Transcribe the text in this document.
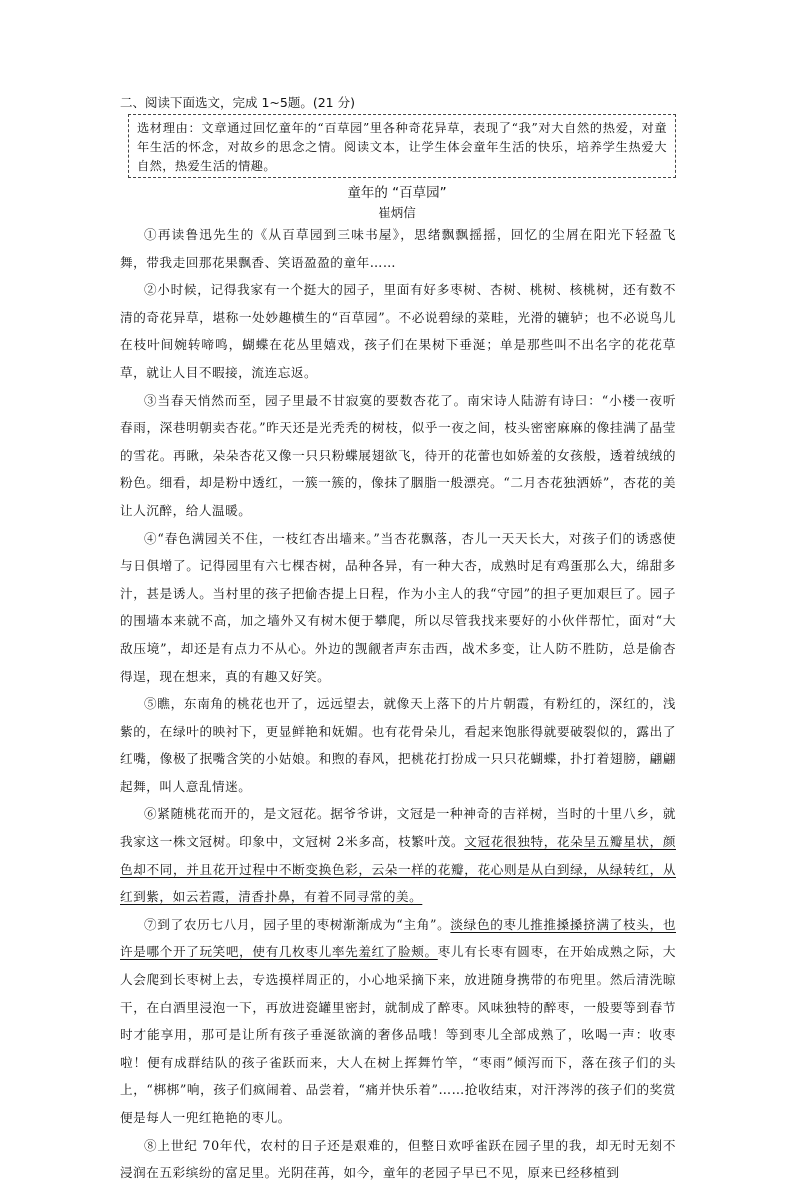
二、阅读下面选文，完成 1~5题。(21 分)
选材理由：文章通过回忆童年的“百草园”里各种奇花异草，表现了“我”对大自然的热爱，对童年生活的怀念，对故乡的思念之情。阅读文本，让学生体会童年生活的快乐，培养学生热爱大自然，热爱生活的情趣。
童年的 “百草园”
崔炳信

①再读鲁迅先生的《从百草园到三味书屋》，思绪飘飘摇摇，回忆的尘屑在阳光下轻盈飞舞，带我走回那花果飘香、笑语盈盈的童年……

②小时候，记得我家有一个挺大的园子，里面有好多枣树、杏树、桃树、核桃树，还有数不清的奇花异草，堪称一处妙趣横生的“百草园”。不必说碧绿的菜畦，光滑的辘轳；也不必说鸟儿在枝叶间婉转啼鸣，蝴蝶在花丛里嬉戏，孩子们在果树下垂涎；单是那些叫不出名字的花花草草，就让人目不暇接，流连忘返。

③当春天悄然而至，园子里最不甘寂寞的要数杏花了。南宋诗人陆游有诗曰：“小楼一夜听春雨，深巷明朝卖杏花。”昨天还是光秃秃的树枝，似乎一夜之间，枝头密密麻麻的像挂满了晶莹的雪花。再瞅，朵朵杏花又像一只只粉蝶展翅欲飞，待开的花蕾也如娇羞的女孩般，透着绒绒的粉色。细看，却是粉中透红，一簇一簇的，像抹了胭脂一般漂亮。“二月杏花独洒娇”，杏花的美让人沉醉，给人温暖。

④“春色满园关不住，一枝红杏出墙来。”当杏花飘落，杏儿一天天长大，对孩子们的诱惑使与日俱增了。记得园里有六七棵杏树，品种各异，有一种大杏，成熟时足有鸡蛋那么大，绵甜多汁，甚是诱人。当村里的孩子把偷杏提上日程，作为小主人的我“守园”的担子更加艰巨了。园子的围墙本来就不高，加之墙外又有树木便于攀爬，所以尽管我找来要好的小伙伴帮忙，面对“大敌压境”，却还是有点力不从心。外边的觊觎者声东击西，战术多变，让人防不胜防，总是偷杏得逞，现在想来，真的有趣又好笑。

⑤瞧，东南角的桃花也开了，远远望去，就像天上落下的片片朝霞，有粉红的，深红的，浅紫的，在绿叶的映衬下，更显鲜艳和妩媚。也有花骨朵儿，看起来饱胀得就要破裂似的，露出了红嘴，像极了抿嘴含笑的小姑娘。和煦的春风，把桃花打扮成一只只花蝴蝶，扑打着翅膀，翩翩起舞，叫人意乱情迷。

⑥紧随桃花而开的，是文冠花。据爷爷讲，文冠是一种神奇的吉祥树，当时的十里八乡，就我家这一株文冠树。印象中，文冠树 2米多高，枝繁叶茂。文冠花很独特，花朵呈五瓣星状，颜色却不同，并且花开过程中不断变换色彩，云朵一样的花瓣，花心则是从白到绿，从绿转红，从红到紫，如云若霞，清香扑鼻，有着不同寻常的美。

⑦到了农历七八月，园子里的枣树渐渐成为“主角”。淡绿色的枣儿推推搡搡挤满了枝头，也许是哪个开了玩笑吧，使有几枚枣儿率先羞红了脸颊。枣儿有长枣有圆枣，在开始成熟之际，大人会爬到长枣树上去，专选摸样周正的，小心地采摘下来，放进随身携带的布兜里。然后清洗晾干，在白酒里浸泡一下，再放进瓷罐里密封，就制成了醉枣。风味独特的醉枣，一般要等到春节时才能享用，那可是让所有孩子垂涎欲滴的奢侈品哦！等到枣儿全部成熟了，吆喝一声：收枣啦！便有成群结队的孩子雀跃而来，大人在树上挥舞竹竿，“枣雨”倾泻而下，落在孩子们的头上，“梆梆”响，孩子们疯闹着、品尝着，“痛并快乐着”……抢收结束，对汗涔涔的孩子们的奖赏便是每人一兜红艳艳的枣儿。

⑧上世纪 70年代，农村的日子还是艰难的，但整日欢呼雀跃在园子里的我，却无时无刻不浸润在五彩缤纷的富足里。光阴荏苒，如今，童年的老园子早已不见，原来已经移植到
